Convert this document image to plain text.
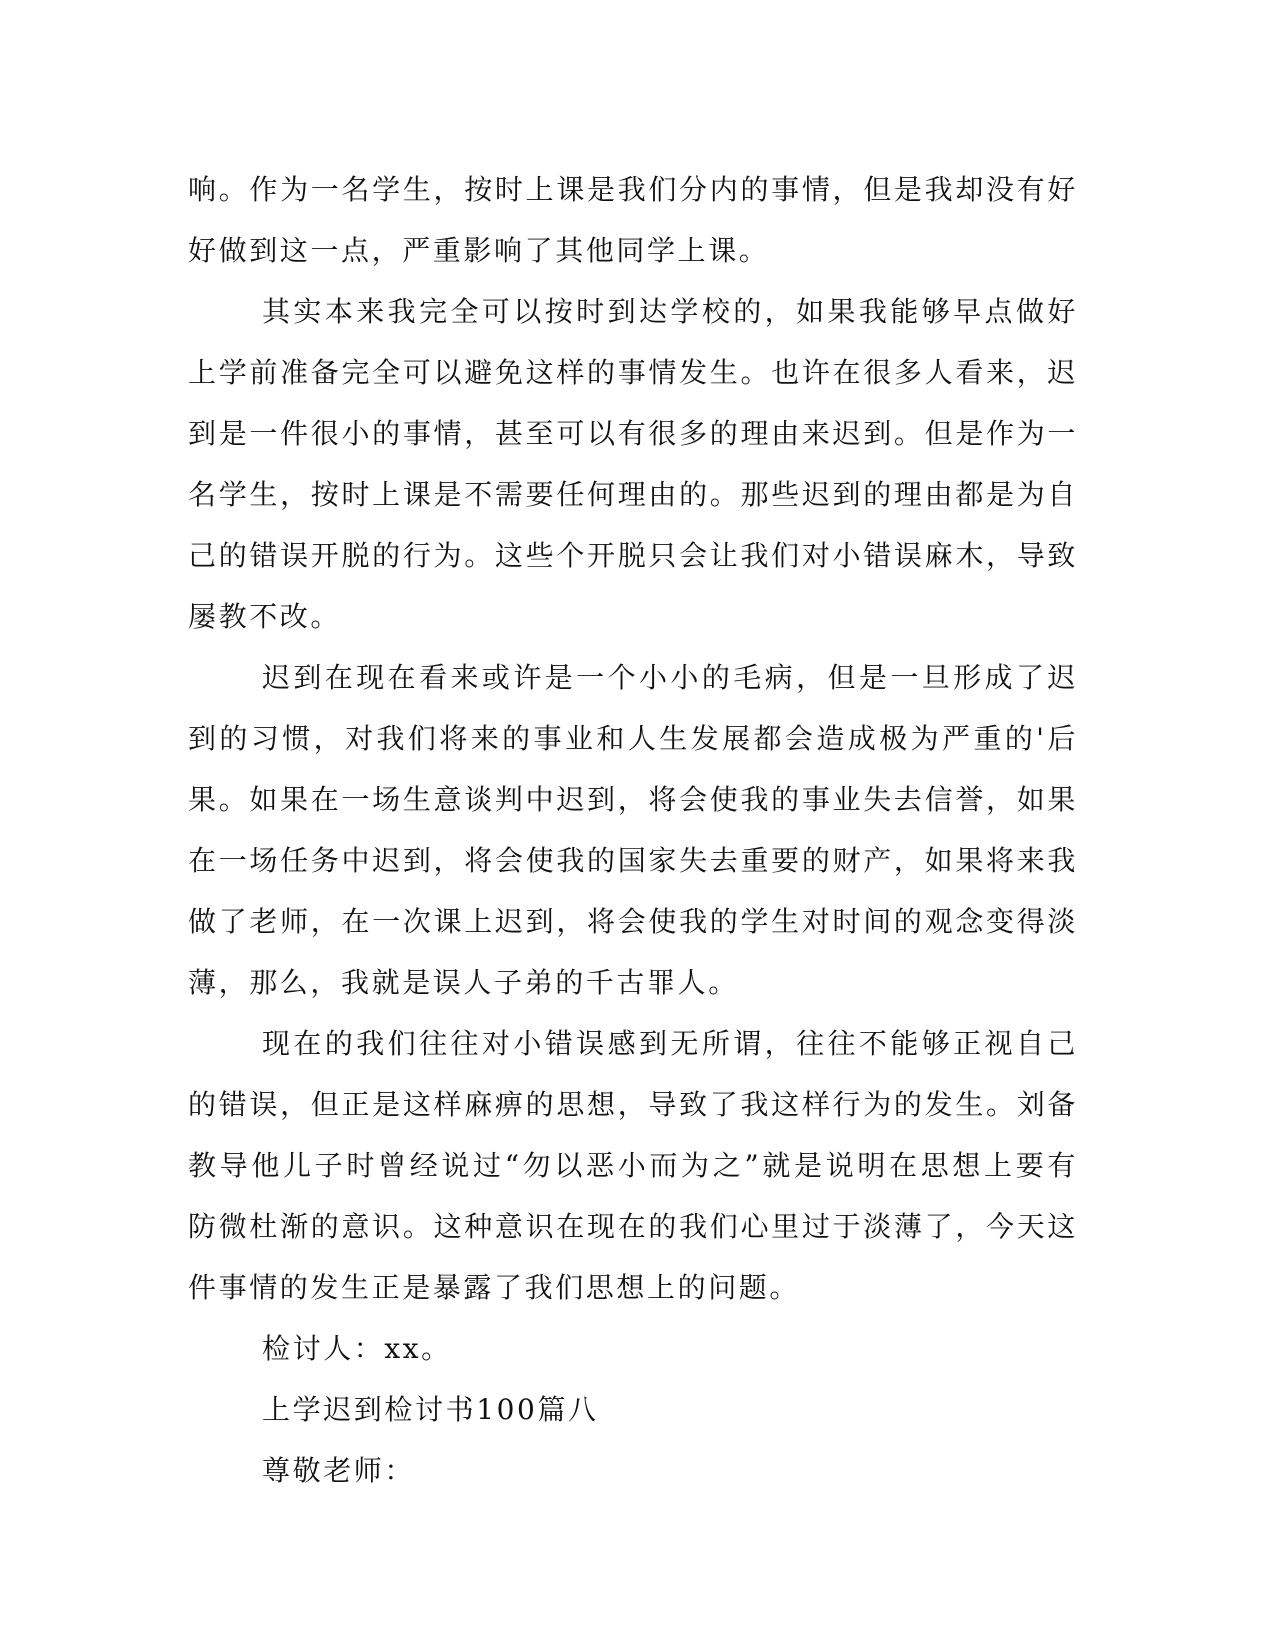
响。作为一名学生，按时上课是我们分内的事情，但是我却没有好好做到这一点，严重影响了其他同学上课。

其实本来我完全可以按时到达学校的，如果我能够早点做好上学前准备完全可以避免这样的事情发生。也许在很多人看来，迟到是一件很小的事情，甚至可以有很多的理由来迟到。但是作为一名学生，按时上课是不需要任何理由的。那些迟到的理由都是为自己的错误开脱的行为。这些个开脱只会让我们对小错误麻木，导致屡教不改。

迟到在现在看来或许是一个小小的毛病，但是一旦形成了迟到的习惯，对我们将来的事业和人生发展都会造成极为严重的'后果。如果在一场生意谈判中迟到，将会使我的事业失去信誉，如果在一场任务中迟到，将会使我的国家失去重要的财产，如果将来我做了老师，在一次课上迟到，将会使我的学生对时间的观念变得淡薄，那么，我就是误人子弟的千古罪人。

现在的我们往往对小错误感到无所谓，往往不能够正视自己的错误，但正是这样麻痹的思想，导致了我这样行为的发生。刘备教导他儿子时曾经说过“勿以恶小而为之”就是说明在思想上要有防微杜渐的意识。这种意识在现在的我们心里过于淡薄了，今天这件事情的发生正是暴露了我们思想上的问题。

检讨人：xx。

上学迟到检讨书100篇八

尊敬老师：
